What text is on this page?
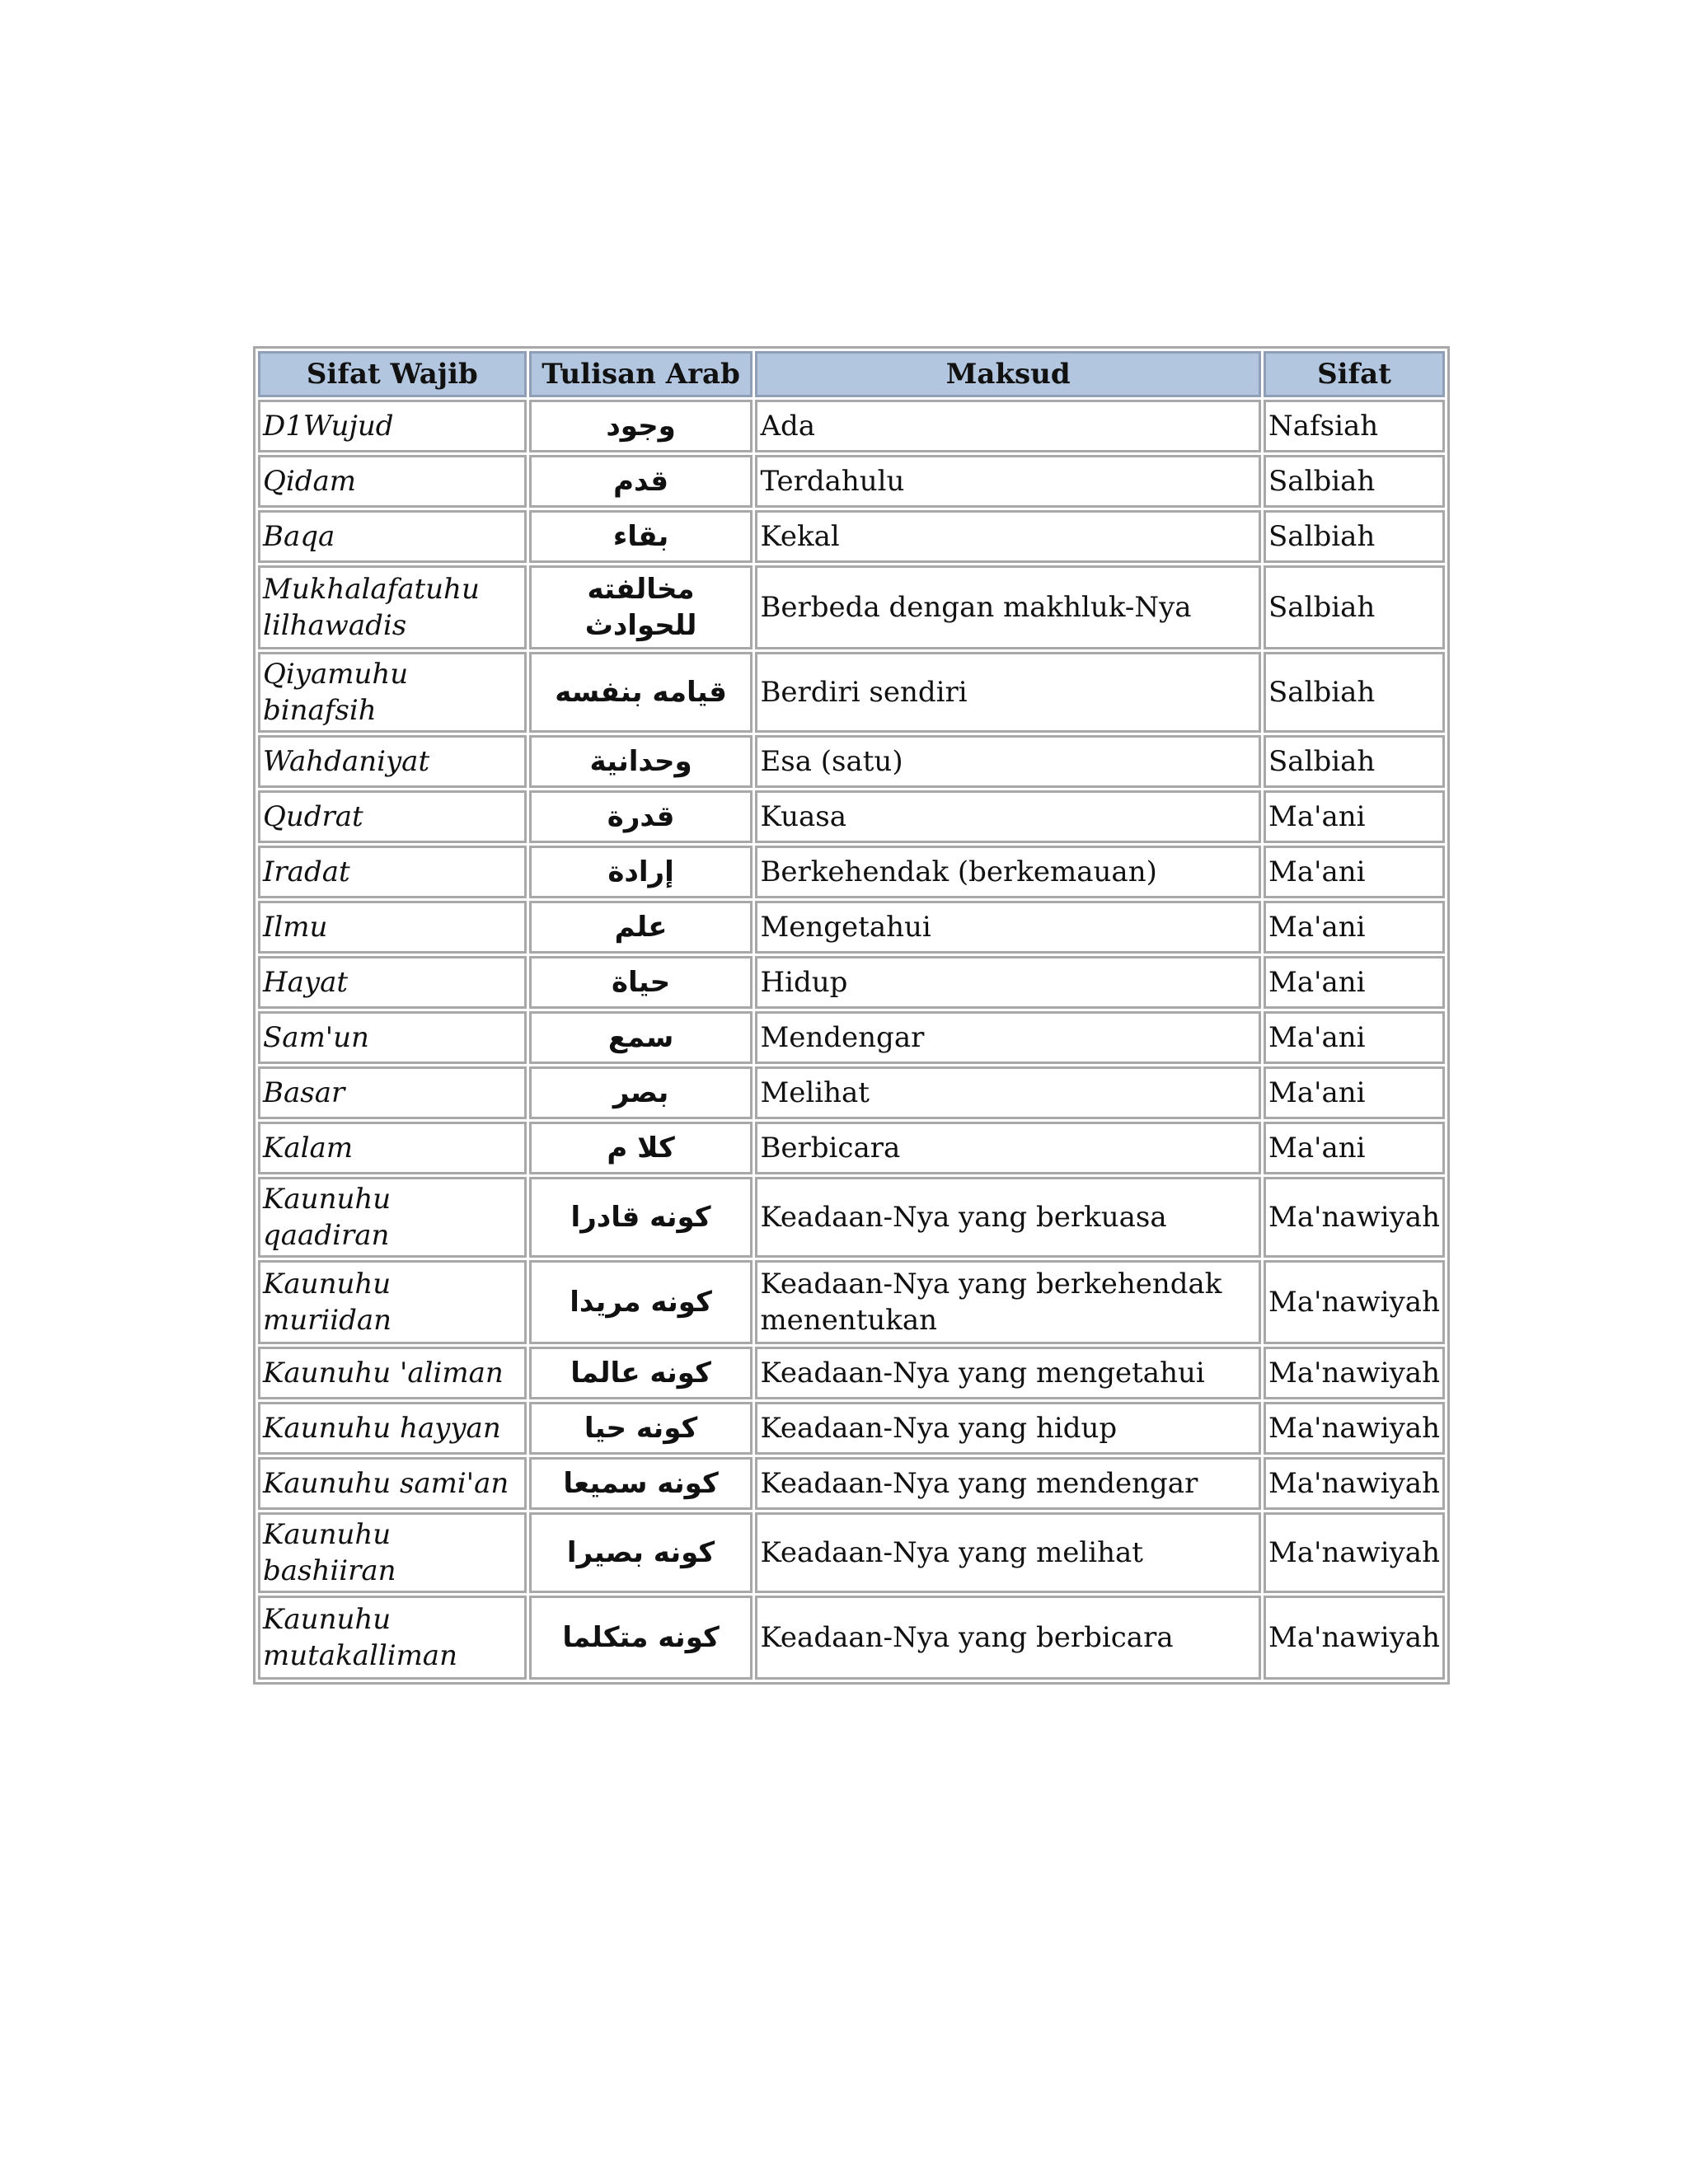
Sifat Wajib	Tulisan Arab	Maksud	Sifat
D1Wujud	وجود	Ada	Nafsiah
Qidam	قدم	Terdahulu	Salbiah
Baqa	بقاء	Kekal	Salbiah
Mukhalafatuhu lilhawadis	مخالفته للحوادث	Berbeda dengan makhluk-Nya	Salbiah
Qiyamuhu binafsih	قيامه بنفسه	Berdiri sendiri	Salbiah
Wahdaniyat	وحدانية	Esa (satu)	Salbiah
Qudrat	قدرة	Kuasa	Ma'ani
Iradat	إرادة	Berkehendak (berkemauan)	Ma'ani
Ilmu	علم	Mengetahui	Ma'ani
Hayat	حياة	Hidup	Ma'ani
Sam'un	سمع	Mendengar	Ma'ani
Basar	بصر	Melihat	Ma'ani
Kalam	كلا م	Berbicara	Ma'ani
Kaunuhu qaadiran	كونه قادرا	Keadaan-Nya yang berkuasa	Ma'nawiyah
Kaunuhu muriidan	كونه مريدا	Keadaan-Nya yang berkehendak menentukan	Ma'nawiyah
Kaunuhu 'aliman	كونه عالما	Keadaan-Nya yang mengetahui	Ma'nawiyah
Kaunuhu hayyan	كونه حيا	Keadaan-Nya yang hidup	Ma'nawiyah
Kaunuhu sami'an	كونه سميعا	Keadaan-Nya yang mendengar	Ma'nawiyah
Kaunuhu bashiiran	كونه بصيرا	Keadaan-Nya yang melihat	Ma'nawiyah
Kaunuhu mutakalliman	كونه متكلما	Keadaan-Nya yang berbicara	Ma'nawiyah
